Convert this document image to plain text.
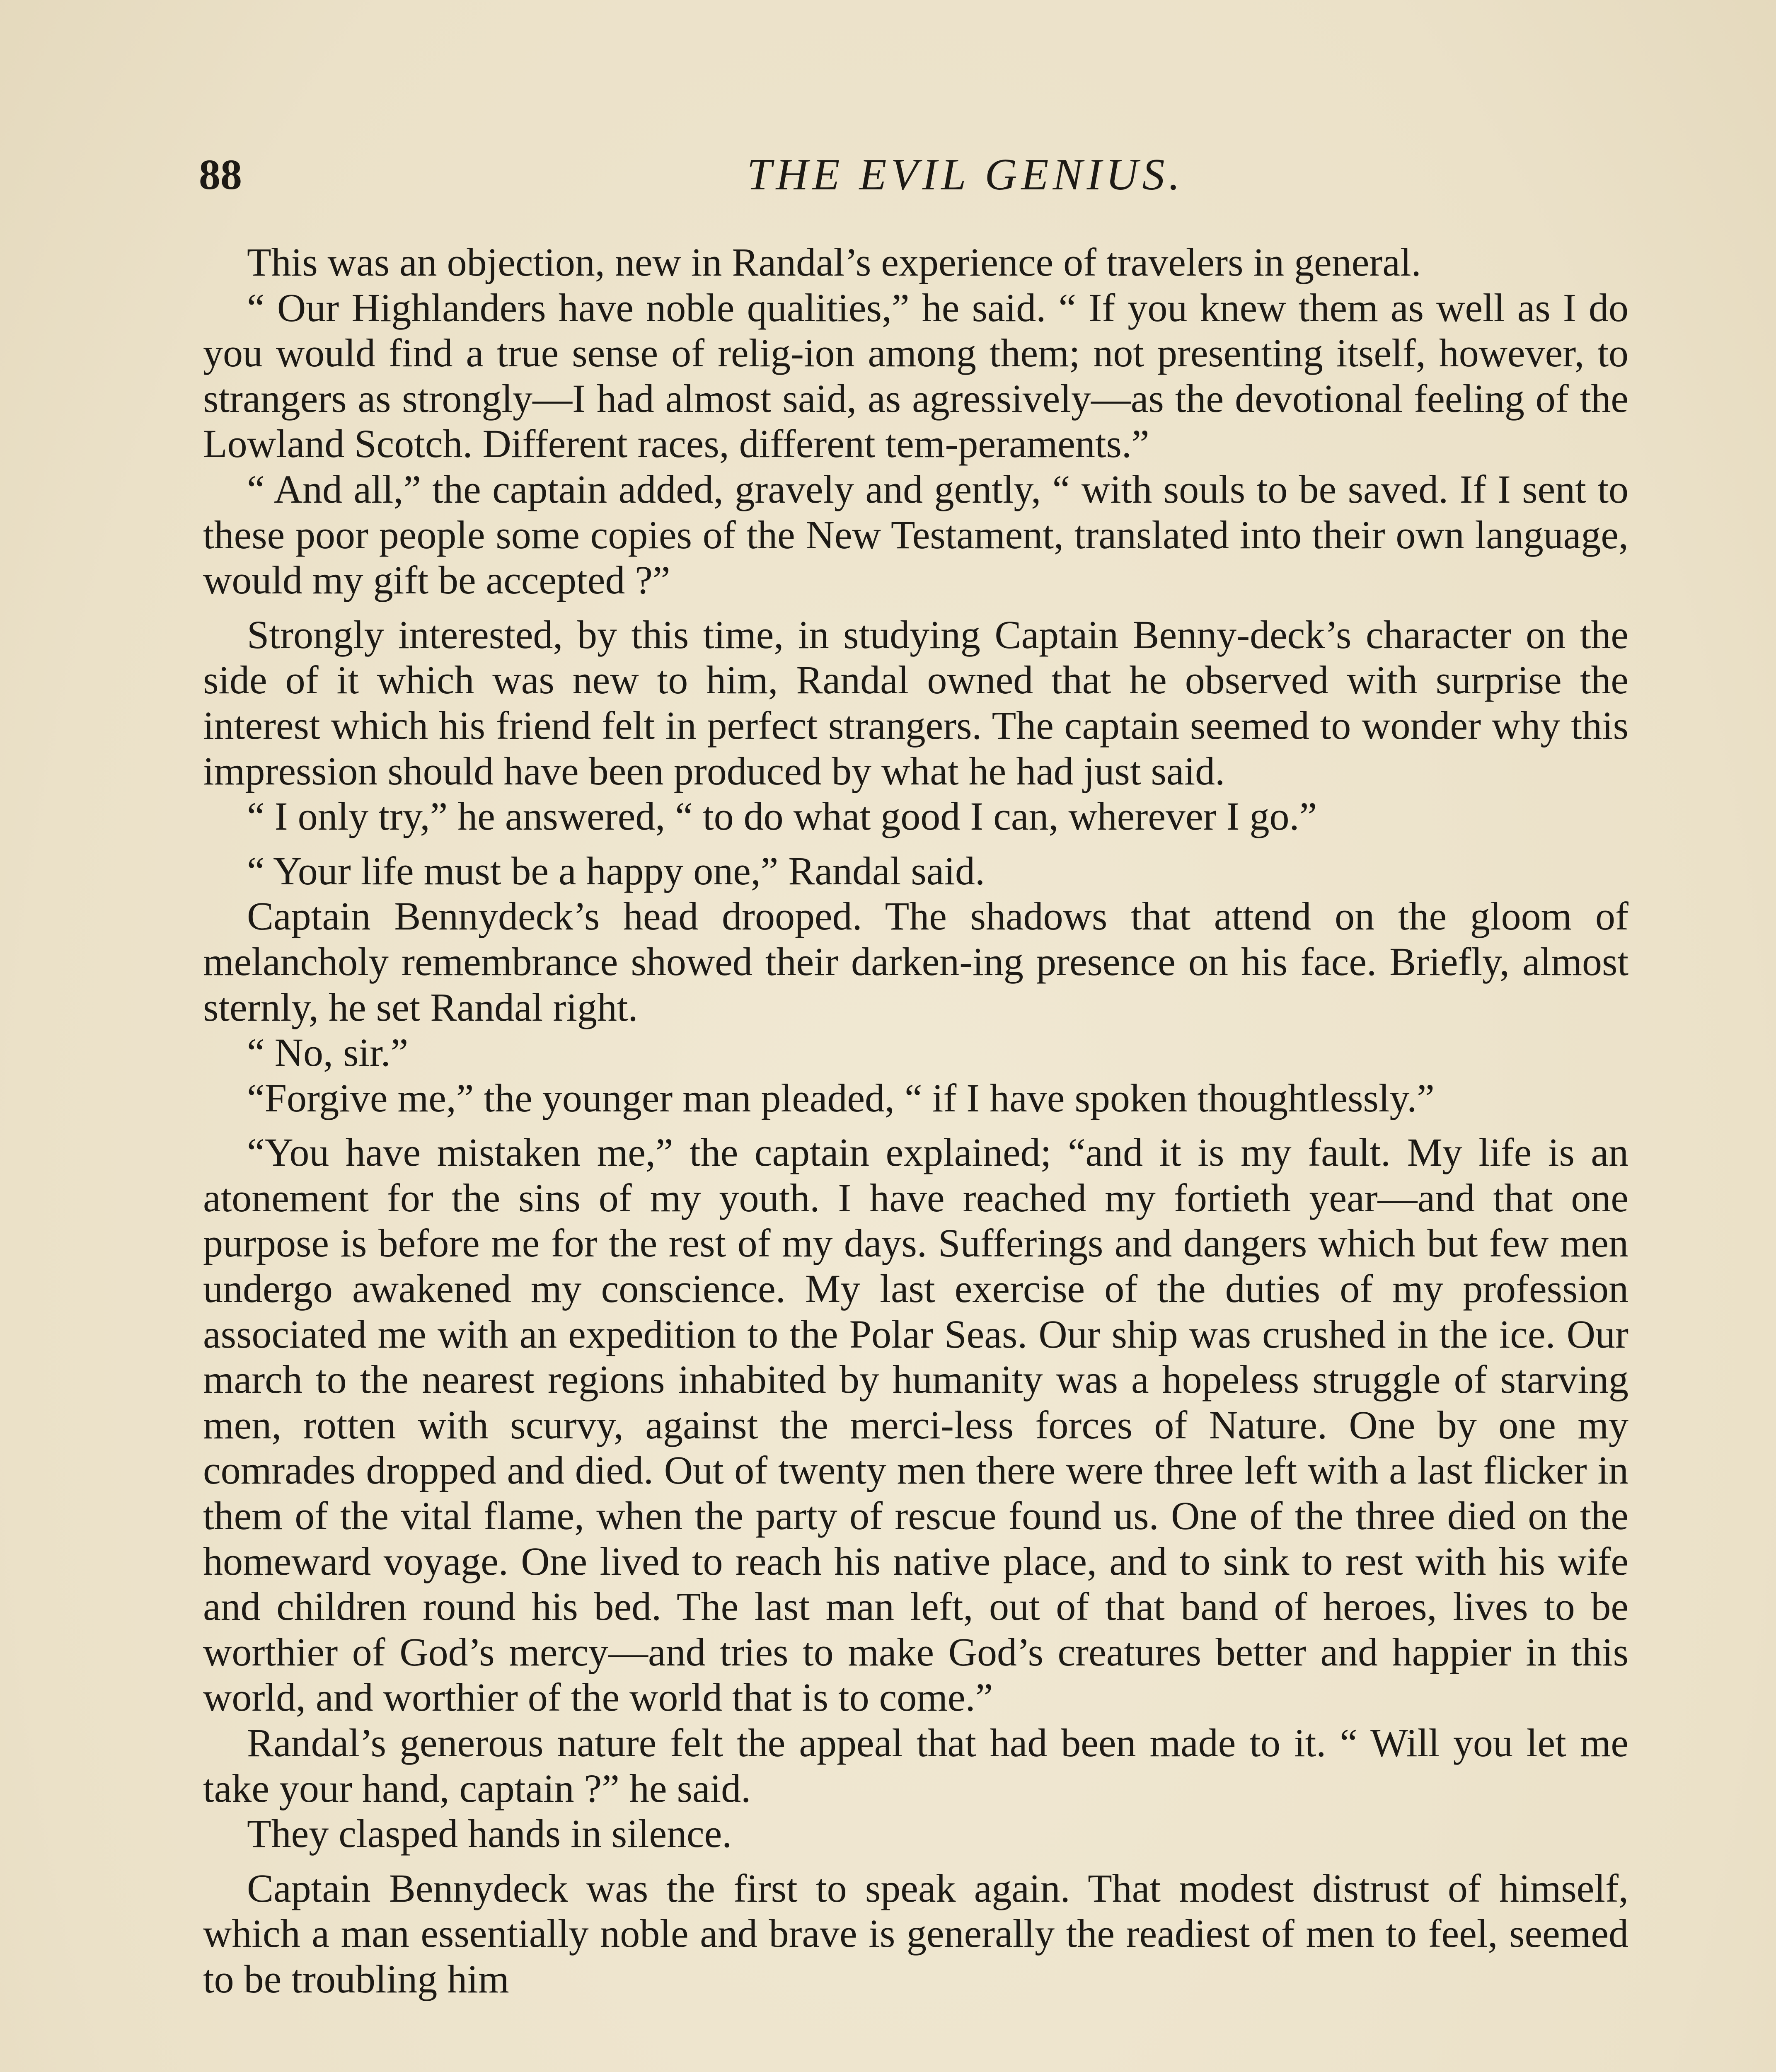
88	THE EVIL GENIUS.

This was an objection, new in Randal’s experience of travelers in general.

“ Our Highlanders have noble qualities,” he said. “ If you knew them as well as I do you would find a true sense of relig-ion among them; not presenting itself, however, to strangers as strongly—I had almost said, as agressively—as the devotional feeling of the Lowland Scotch. Different races, different tem-peraments.”

“ And all,” the captain added, gravely and gently, “ with souls to be saved. If I sent to these poor people some copies of the New Testament, translated into their own language, would my gift be accepted ?”

Strongly interested, by this time, in studying Captain Benny-deck’s character on the side of it which was new to him, Randal owned that he observed with surprise the interest which his friend felt in perfect strangers. The captain seemed to wonder why this impression should have been produced by what he had just said.

“ I only try,” he answered, “ to do what good I can, wherever I go.”

“ Your life must be a happy one,” Randal said.

Captain Bennydeck’s head drooped. The shadows that attend on the gloom of melancholy remembrance showed their darken-ing presence on his face. Briefly, almost sternly, he set Randal right.

“ No, sir.”

“Forgive me,” the younger man pleaded, “ if I have spoken thoughtlessly.”

“You have mistaken me,” the captain explained; “and it is my fault. My life is an atonement for the sins of my youth. I have reached my fortieth year—and that one purpose is before me for the rest of my days. Sufferings and dangers which but few men undergo awakened my conscience. My last exercise of the duties of my profession associated me with an expedition to the Polar Seas. Our ship was crushed in the ice. Our march to the nearest regions inhabited by humanity was a hopeless struggle of starving men, rotten with scurvy, against the merci-less forces of Nature. One by one my comrades dropped and died. Out of twenty men there were three left with a last flicker in them of the vital flame, when the party of rescue found us. One of the three died on the homeward voyage. One lived to reach his native place, and to sink to rest with his wife and children round his bed. The last man left, out of that band of heroes, lives to be worthier of God’s mercy—and tries to make God’s creatures better and happier in this world, and worthier of the world that is to come.”

Randal’s generous nature felt the appeal that had been made to it. “ Will you let me take your hand, captain ?” he said.

They clasped hands in silence.

Captain Bennydeck was the first to speak again. That modest distrust of himself, which a man essentially noble and brave is generally the readiest of men to feel, seemed to be troubling him
